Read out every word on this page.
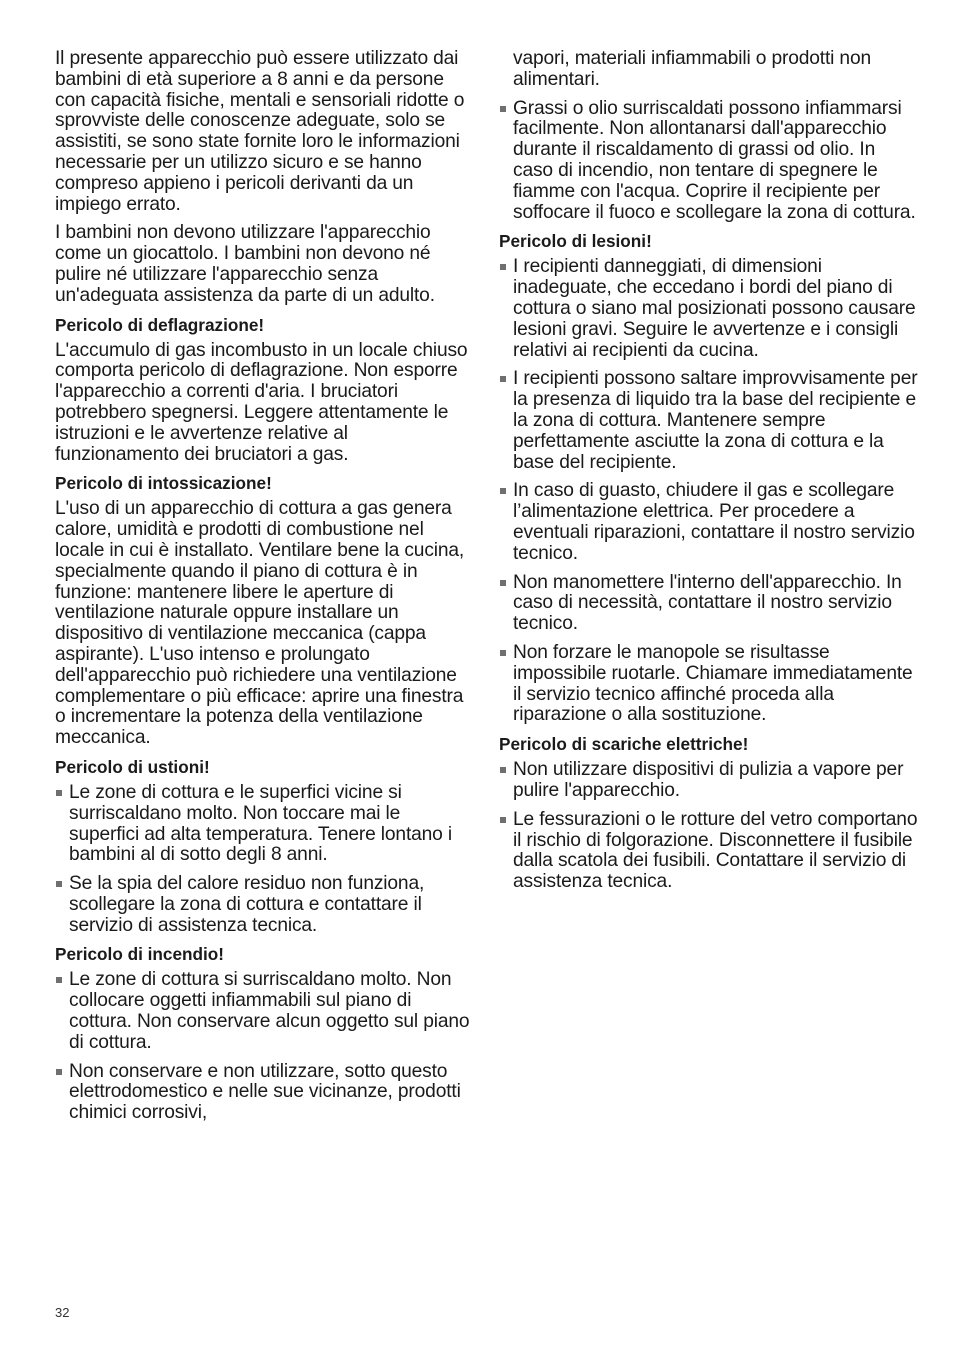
Il presente apparecchio può essere utilizzato dai bambini di età superiore a 8 anni e da persone con capacità fisiche, mentali e sensoriali ridotte o sprovviste delle conoscenze adeguate, solo se assistiti, se sono state fornite loro le informazioni necessarie per un utilizzo sicuro e se hanno compreso appieno i pericoli derivanti da un impiego errato.

I bambini non devono utilizzare l'apparecchio come un giocattolo. I bambini non devono né pulire né utilizzare l'apparecchio senza un'adeguata assistenza da parte di un adulto.

Pericolo di deflagrazione!

L'accumulo di gas incombusto in un locale chiuso comporta pericolo di deflagrazione. Non esporre l'apparecchio a correnti d'aria. I bruciatori potrebbero spegnersi. Leggere attentamente le istruzioni e le avvertenze relative al funzionamento dei bruciatori a gas.

Pericolo di intossicazione!

L'uso di un apparecchio di cottura a gas genera calore, umidità e prodotti di combustione nel locale in cui è installato. Ventilare bene la cucina, specialmente quando il piano di cottura è in funzione: mantenere libere le aperture di ventilazione naturale oppure installare un dispositivo di ventilazione meccanica (cappa aspirante). L'uso intenso e prolungato dell'apparecchio può richiedere una ventilazione complementare o più efficace: aprire una finestra o incrementare la potenza della ventilazione meccanica.

Pericolo di ustioni!
Le zone di cottura e le superfici vicine si surriscaldano molto. Non toccare mai le superfici ad alta temperatura. Tenere lontano i bambini al di sotto degli 8 anni.
Se la spia del calore residuo non funziona, scollegare la zona di cottura e contattare il servizio di assistenza tecnica.
Pericolo di incendio!
Le zone di cottura si surriscaldano molto. Non collocare oggetti infiammabili sul piano di cottura. Non conservare alcun oggetto sul piano di cottura.
Non conservare e non utilizzare, sotto questo elettrodomestico e nelle sue vicinanze, prodotti chimici corrosivi,
vapori, materiali infiammabili o prodotti non alimentari.
Grassi o olio surriscaldati possono infiammarsi facilmente. Non allontanarsi dall'apparecchio durante il riscaldamento di grassi od olio. In caso di incendio, non tentare di spegnere le fiamme con l'acqua. Coprire il recipiente per soffocare il fuoco e scollegare la zona di cottura.
Pericolo di lesioni!
I recipienti danneggiati, di dimensioni inadeguate, che eccedano i bordi del piano di cottura o siano mal posizionati possono causare lesioni gravi. Seguire le avvertenze e i consigli relativi ai recipienti da cucina.
I recipienti possono saltare improvvisamente per la presenza di liquido tra la base del recipiente e la zona di cottura. Mantenere sempre perfettamente asciutte la zona di cottura e la base del recipiente.
In caso di guasto, chiudere il gas e scollegare l’alimentazione elettrica. Per procedere a eventuali riparazioni, contattare il nostro servizio tecnico.
Non manomettere l'interno dell'apparecchio. In caso di necessità, contattare il nostro servizio tecnico.
Non forzare le manopole se risultasse impossibile ruotarle. Chiamare immediatamente il servizio tecnico affinché proceda alla riparazione o alla sostituzione.
Pericolo di scariche elettriche!
Non utilizzare dispositivi di pulizia a vapore per pulire l'apparecchio.
Le fessurazioni o le rotture del vetro comportano il rischio di folgorazione. Disconnettere il fusibile dalla scatola dei fusibili. Contattare il servizio di assistenza tecnica.
32
